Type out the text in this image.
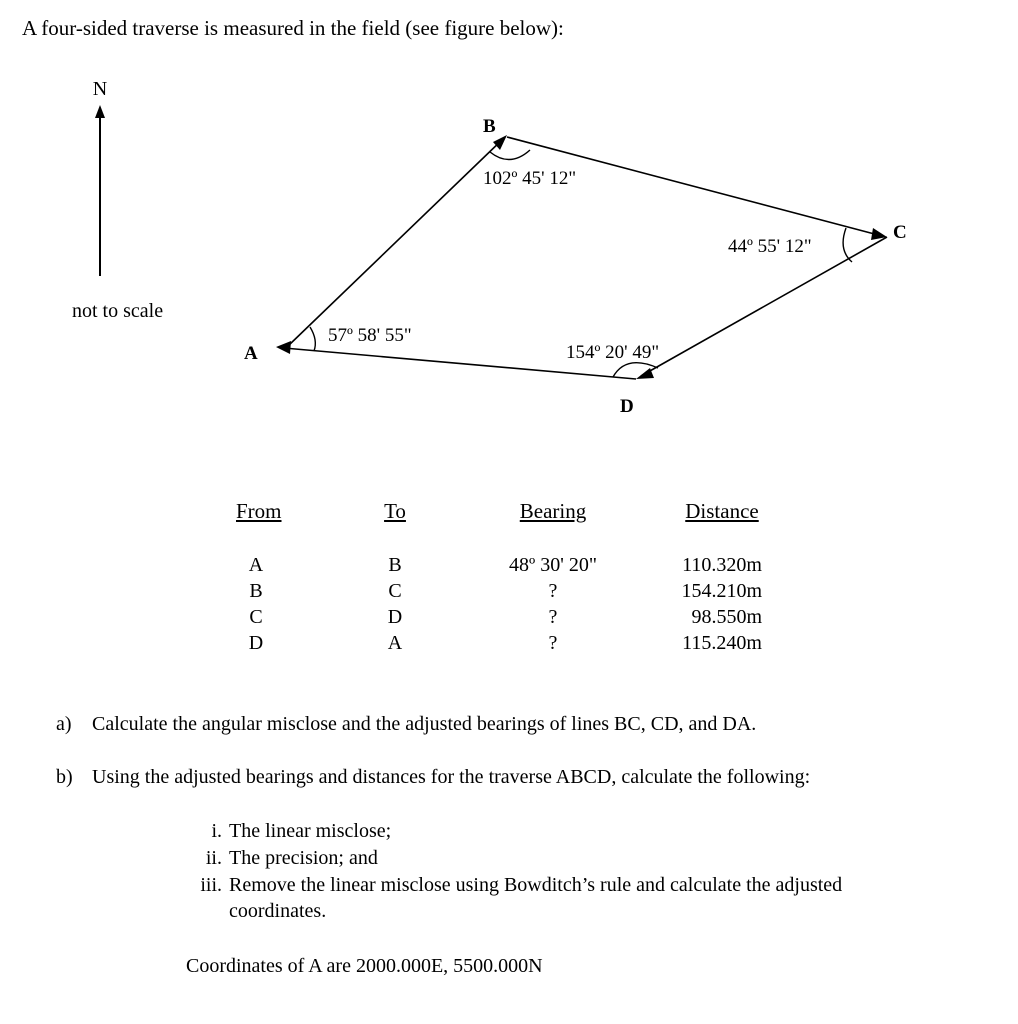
A four-sided traverse is measured in the field (see figure below):
N
not to scale
A
B
C
D
57º 58' 55"
102º 45' 12"
44º 55' 12"
154º 20' 49"
From	To	Bearing	Distance
A	B	48º 30' 20"	110.320m
B	C	?	154.210m
C	D	?	98.550m
D	A	?	115.240m
a) Calculate the angular misclose and the adjusted bearings of lines BC, CD, and DA.
b) Using the adjusted bearings and distances for the traverse ABCD, calculate the following:
i. The linear misclose;
ii. The precision; and
iii. Remove the linear misclose using Bowditch’s rule and calculate the adjusted
coordinates.
Coordinates of A are 2000.000E, 5500.000N
